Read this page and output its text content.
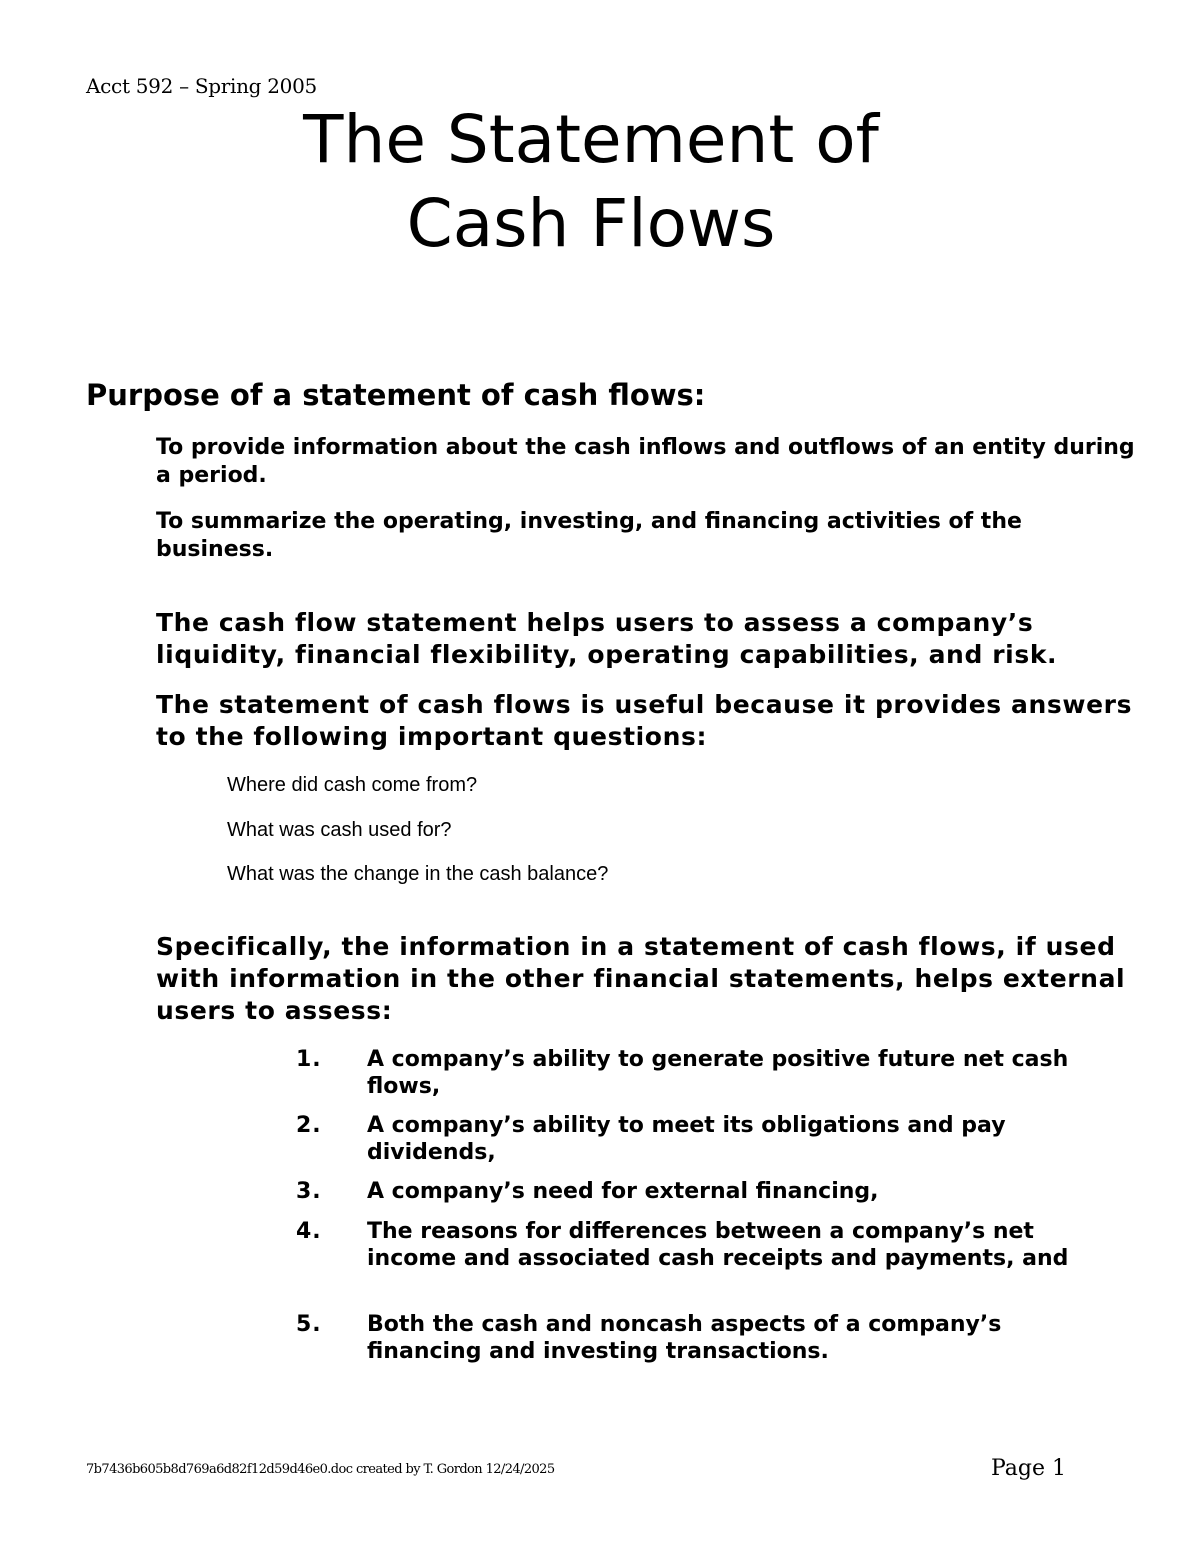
Acct 592 – Spring 2005
The Statement of
Cash Flows
Purpose of a statement of cash flows:

To provide information about the cash inflows and outflows of an entity during a period.

To summarize the operating, investing, and financing activities of the business.

The cash flow statement helps users to assess a company’s liquidity, financial flexibility, operating capabilities, and risk.

The statement of cash flows is useful because it provides answers to the following important questions:

Where did cash come from?

What was cash used for?

What was the change in the cash balance?

Specifically, the information in a statement of cash flows, if used with information in the other financial statements, helps external users to assess:

1. A company’s ability to generate positive future net cash flows,
2. A company’s ability to meet its obligations and pay dividends,
3. A company’s need for external financing,
4. The reasons for differences between a company’s net income and associated cash receipts and payments, and
5. Both the cash and noncash aspects of a company’s financing and investing transactions.
7b7436b605b8d769a6d82f12d59d46e0.doc created by T. Gordon 12/24/2025	Page 1
